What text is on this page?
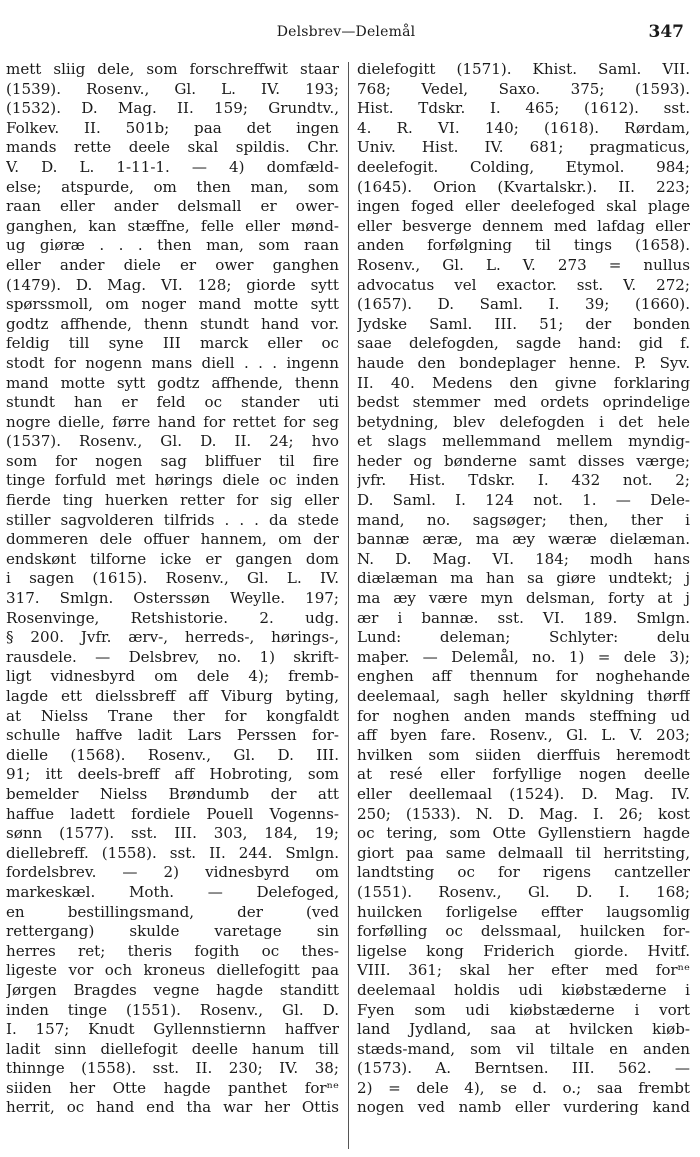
Delsbrev—Delemål	347
mett sliig dele, som forschreffwit staar
(1539). Rosenv., Gl. L. IV. 193;
(1532). D. Mag. II. 159; Grundtv.,
Folkev. II. 501b; paa det ingen
mands rette deele skal spildis. Chr.
V. D. L. 1-11-1. — 4) domfæld-
else; atspurde, om then man, som
raan eller ander delsmall er ower-
ganghen, kan stæffne, felle eller mønd-
ug giøræ . . . then man, som raan
eller ander diele er ower ganghen
(1479). D. Mag. VI. 128; giorde sytt
spørssmoll, om noger mand motte sytt
godtz affhende, thenn stundt hand vor.
feldig till syne III marck eller oc
stodt for nogenn mans diell . . . ingenn
mand motte sytt godtz affhende, thenn
stundt han er feld oc stander uti
nogre dielle, førre hand for rettet for seg
(1537). Rosenv., Gl. D. II. 24; hvo
som for nogen sag bliffuer til fire
tinge forfuld met hørings diele oc inden
fierde ting huerken retter for sig eller
stiller sagvolderen tilfrids . . . da stede
dommeren dele offuer hannem, om der
endskønt tilforne icke er gangen dom
i sagen (1615). Rosenv., Gl. L. IV.
317. Smlgn. Osterssøn Weylle. 197;
Rosenvinge, Retshistorie. 2. udg.
§ 200. Jvfr. ærv-, herreds-, hørings-,
rausdele. — Delsbrev, no. 1) skrift-
ligt vidnesbyrd om dele 4); fremb-
lagde ett dielssbreff aff Viburg byting,
at Nielss Trane ther for kongfaldt
schulle haffve ladit Lars Perssen for-
dielle (1568). Rosenv., Gl. D. III.
91; itt deels-breff aff Hobroting, som
bemelder Nielss Brøndumb der att
haffue ladett fordiele Pouell Vogenns-
sønn (1577). sst. III. 303, 184, 19;
diellebreff. (1558). sst. II. 244. Smlgn.
fordelsbrev. — 2) vidnesbyrd om
markeskæl. Moth. — Delefoged,
en bestillingsmand, der (ved
rettergang) skulde varetage sin
herres ret; theris fogith oc thes-
ligeste vor och kroneus diellefogitt paa
Jørgen Bragdes vegne hagde standitt
inden tinge (1551). Rosenv., Gl. D.
I. 157; Knudt Gyllennstiernn haffver
ladit sinn diellefogit deelle hanum till
thinnge (1558). sst. II. 230; IV. 38;
siiden her Otte hagde panthet forⁿᵉ
herrit, oc hand end tha war her Ottis
dielefogitt (1571). Khist. Saml. VII.
768; Vedel, Saxo. 375; (1593).
Hist. Tdskr. I. 465; (1612). sst.
4. R. VI. 140; (1618). Rørdam,
Univ. Hist. IV. 681; pragmaticus,
deelefogit. Colding, Etymol. 984;
(1645). Orion (Kvartalskr.). II. 223;
ingen foged eller deelefoged skal plage
eller besverge dennem med lafdag eller
anden forfølgning til tings (1658).
Rosenv., Gl. L. V. 273 = nullus
advocatus vel exactor. sst. V. 272;
(1657). D. Saml. I. 39; (1660).
Jydske Saml. III. 51; der bonden
saae delefogden, sagde hand: gid f.
haude den bondeplager henne. P. Syv.
II. 40. Medens den givne forklaring
bedst stemmer med ordets oprindelige
betydning, blev delefogden i det hele
et slags mellemmand mellem myndig-
heder og bønderne samt disses værge;
jvfr. Hist. Tdskr. I. 432 not. 2;
D. Saml. I. 124 not. 1. — Dele-
mand, no. sagsøger; then, ther i
bannæ æræ, ma æy wæræ dielæman.
N. D. Mag. VI. 184; modh hans
diælæman ma han sa giøre undtekt; j
ma æy være myn delsman, forty at j
ær i bannæ. sst. VI. 189. Smlgn.
Lund: deleman; Schlyter: delu
maþer. — Delemål, no. 1) = dele 3);
enghen aff thennum for noghehande
deelemaal, sagh heller skyldning thørff
for noghen anden mands steffning ud
aff byen fare. Rosenv., Gl. L. V. 203;
hvilken som siiden dierffuis heremodt
at resé eller forfyllige nogen deelle
eller deellemaal (1524). D. Mag. IV.
250; (1533). N. D. Mag. I. 26; kost
oc tering, som Otte Gyllenstiern hagde
giort paa same delmaall til herritsting,
landtsting oc for rigens cantzeller
(1551). Rosenv., Gl. D. I. 168;
huilcken forligelse effter laugsomlig
forfølling oc delssmaal, huilcken for-
ligelse kong Friderich giorde. Hvitf.
VIII. 361; skal her efter med forⁿᵉ
deelemaal holdis udi kiøbstæderne i
Fyen som udi kiøbstæderne i vort
land Jydland, saa at hvilcken kiøb-
stæds-mand, som vil tiltale en anden
(1573). A. Berntsen. III. 562. —
2) = dele 4), se d. o.; saa frembt
nogen ved namb eller vurdering kand
